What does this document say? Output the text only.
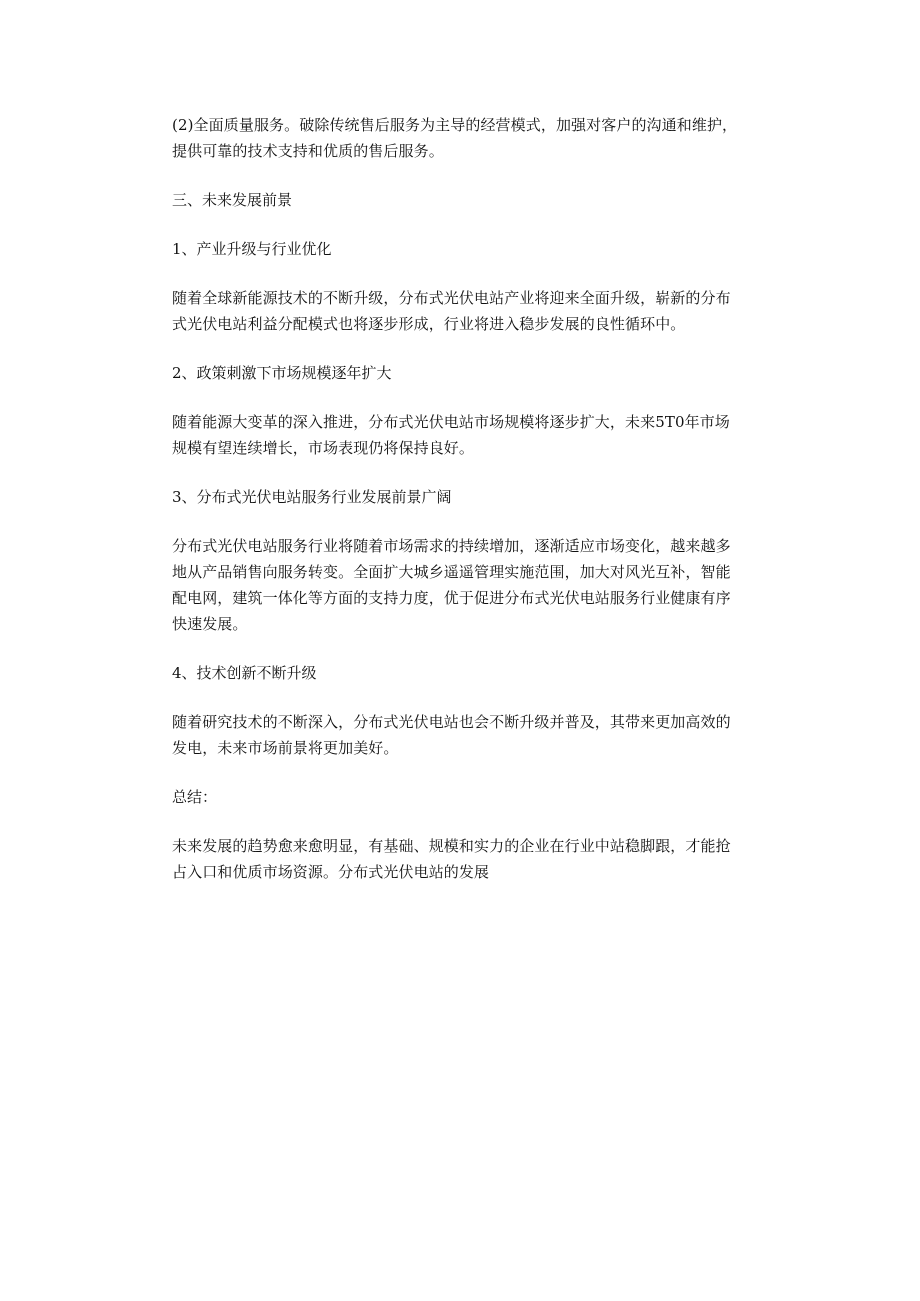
(2)全面质量服务。破除传统售后服务为主导的经营模式，加强对客户的沟通和维护，
提供可靠的技术支持和优质的售后服务。

三、未来发展前景

1、产业升级与行业优化

随着全球新能源技术的不断升级，分布式光伏电站产业将迎来全面升级，崭新的分布
式光伏电站利益分配模式也将逐步形成，行业将进入稳步发展的良性循环中。

2、政策刺激下市场规模逐年扩大

随着能源大变革的深入推进，分布式光伏电站市场规模将逐步扩大，未来5T0年市场
规模有望连续增长，市场表现仍将保持良好。

3、分布式光伏电站服务行业发展前景广阔

分布式光伏电站服务行业将随着市场需求的持续增加，逐渐适应市场变化，越来越多
地从产品销售向服务转变。全面扩大城乡遥遥管理实施范围，加大对风光互补，智能
配电网，建筑一体化等方面的支持力度，优于促进分布式光伏电站服务行业健康有序
快速发展。

4、技术创新不断升级

随着研究技术的不断深入，分布式光伏电站也会不断升级并普及，其带来更加高效的
发电，未来市场前景将更加美好。

总结：

未来发展的趋势愈来愈明显，有基础、规模和实力的企业在行业中站稳脚跟，才能抢
占入口和优质市场资源。分布式光伏电站的发展
